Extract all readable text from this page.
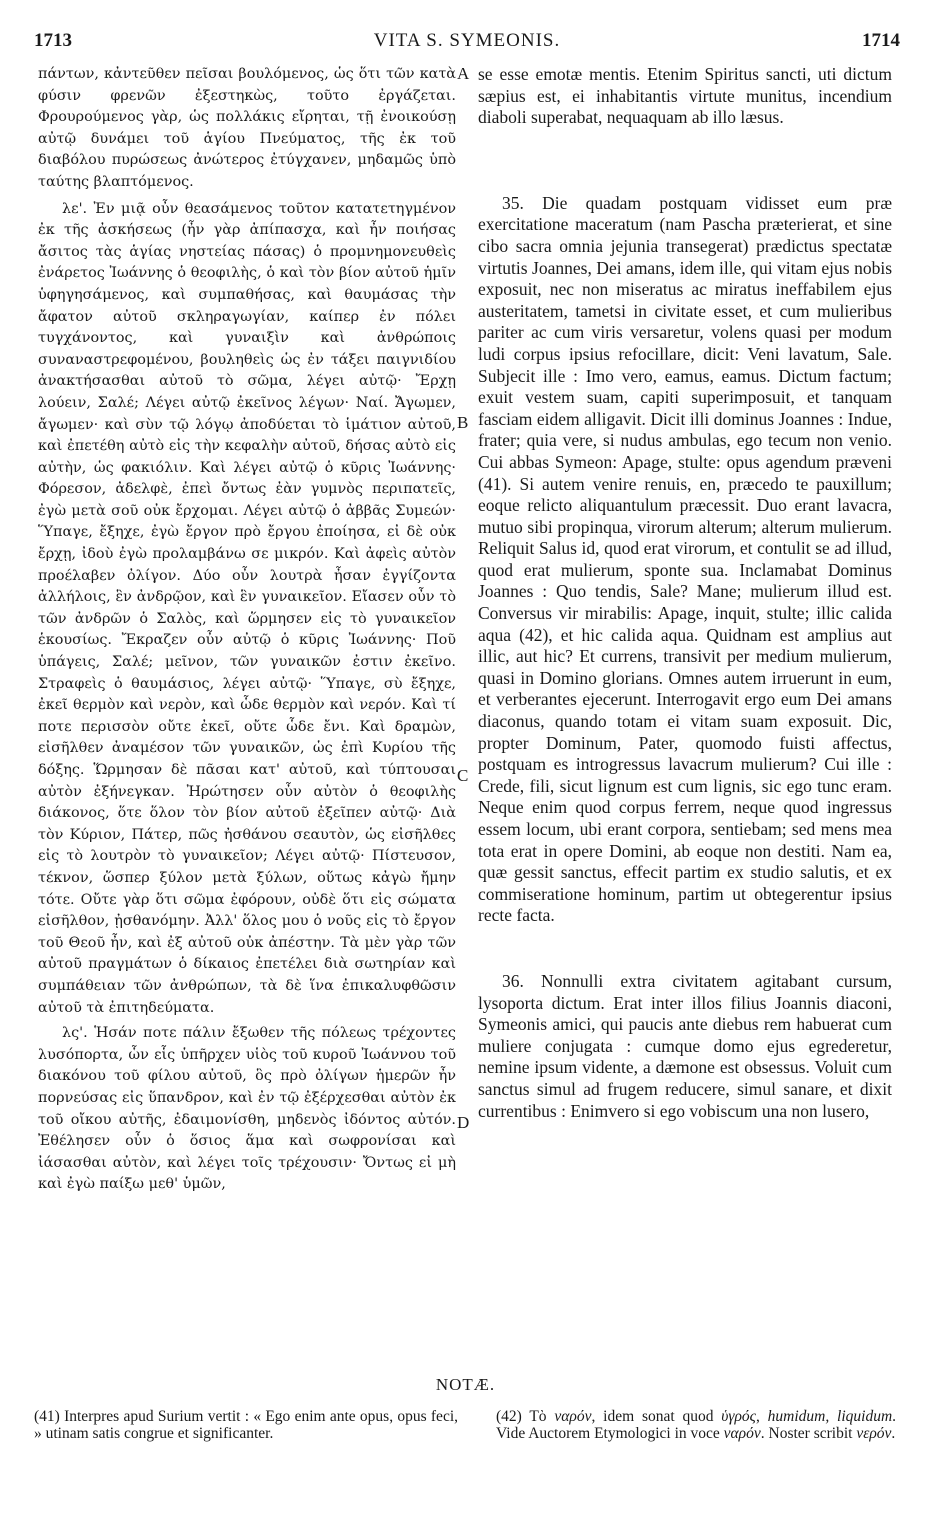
1713	VITA S. SYMEONIS.	1714

πάντων, κἀντεῦθεν πεῖσαι βουλόμενος, ὡς ὅτι τῶν κατὰ φύσιν φρενῶν ἐξεστηκὼς, τοῦτο ἐργάζεται. Φρουρούμενος γὰρ, ὡς πολλάκις εἴρηται, τῇ ἐνοικούσῃ αὐτῷ δυνάμει τοῦ ἁγίου Πνεύματος, τῆς ἐκ τοῦ διαβόλου πυρώσεως ἀνώτερος ἐτύγχανεν, μηδαμῶς ὑπὸ ταύτης βλαπτόμενος.

λε'. Ἐν μιᾷ οὖν θεασάμενος τοῦτον κατατετηγμένον ἐκ τῆς ἀσκήσεως (ἦν γὰρ ἀπίπασχα, καὶ ἦν ποιήσας ἄσιτος τὰς ἁγίας νηστείας πάσας) ὁ προμνημονευθεὶς ἐνάρετος Ἰωάννης ὁ θεοφιλὴς, ὁ καὶ τὸν βίον αὐτοῦ ἡμῖν ὑφηγησάμενος, καὶ συμπαθήσας, καὶ θαυμάσας τὴν ἄφατον αὐτοῦ σκληραγωγίαν, καίπερ ἐν πόλει τυγχάνοντος, καὶ γυναιξὶν καὶ ἀνθρώποις συναναστρεφομένου, βουληθεὶς ὡς ἐν τάξει παιγνιδίου ἀνακτήσασθαι αὐτοῦ τὸ σῶμα, λέγει αὐτῷ· Ἔρχῃ λούειν, Σαλέ; Λέγει αὐτῷ ἐκεῖνος λέγων· Ναί. Ἄγωμεν, ἄγωμεν· καὶ σὺν τῷ λόγῳ ἀποδύεται τὸ ἱμάτιον αὐτοῦ, καὶ ἐπετέθη αὐτὸ εἰς τὴν κεφαλὴν αὐτοῦ, δήσας αὐτὸ εἰς αὐτὴν, ὡς φακιόλιν. Καὶ λέγει αὐτῷ ὁ κῦρις Ἰωάννης· Φόρεσον, ἀδελφὲ, ἐπεὶ ὄντως ἐὰν γυμνὸς περιπατεῖς, ἐγὼ μετὰ σοῦ οὐκ ἔρχομαι. Λέγει αὐτῷ ὁ ἀββᾶς Συμεών· Ὕπαγε, ἔξηχε, ἐγὼ ἔργον πρὸ ἔργου ἐποίησα, εἰ δὲ οὐκ ἔρχῃ, ἰδοὺ ἐγὼ προλαμβάνω σε μικρόν. Καὶ ἀφεὶς αὐτὸν προέλαβεν ὀλίγον. Δύο οὖν λουτρὰ ἦσαν ἐγγίζοντα ἀλλήλοις, ἓν ἀνδρῷον, καὶ ἓν γυναικεῖον. Εἴασεν οὖν τὸ τῶν ἀνδρῶν ὁ Σαλὸς, καὶ ὥρμησεν εἰς τὸ γυναικεῖον ἑκουσίως. Ἔκραζεν οὖν αὐτῷ ὁ κῦρις Ἰωάννης· Ποῦ ὑπάγεις, Σαλέ; μεῖνον, τῶν γυναικῶν ἐστιν ἐκεῖνο. Στραφεὶς ὁ θαυμάσιος, λέγει αὐτῷ· Ὕπαγε, σὺ ἔξηχε, ἐκεῖ θερμὸν καὶ νερὸν, καὶ ὧδε θερμὸν καὶ νερόν. Καὶ τί ποτε περισσὸν οὔτε ἐκεῖ, οὔτε ὧδε ἔνι. Καὶ δραμὼν, εἰσῆλθεν ἀναμέσον τῶν γυναικῶν, ὡς ἐπὶ Κυρίου τῆς δόξης. Ὥρμησαν δὲ πᾶσαι κατ' αὐτοῦ, καὶ τύπτουσαι αὐτὸν ἐξήνεγκαν. Ἠρώτησεν οὖν αὐτὸν ὁ θεοφιλὴς διάκονος, ὅτε ὅλον τὸν βίον αὐτοῦ ἐξεῖπεν αὐτῷ· Διὰ τὸν Κύριον, Πάτερ, πῶς ἠσθάνου σεαυτὸν, ὡς εἰσῆλθες εἰς τὸ λουτρὸν τὸ γυναικεῖον; Λέγει αὐτῷ· Πίστευσον, τέκνον, ὥσπερ ξύλον μετὰ ξύλων, οὕτως κἀγὼ ἤμην τότε. Οὔτε γὰρ ὅτι σῶμα ἐφόρουν, οὐδὲ ὅτι εἰς σώματα εἰσῆλθον, ᾐσθανόμην. Ἀλλ' ὅλος μου ὁ νοῦς εἰς τὸ ἔργον τοῦ Θεοῦ ἦν, καὶ ἐξ αὐτοῦ οὐκ ἀπέστην. Τὰ μὲν γὰρ τῶν αὐτοῦ πραγμάτων ὁ δίκαιος ἐπετέλει διὰ σωτηρίαν καὶ συμπάθειαν τῶν ἀνθρώπων, τὰ δὲ ἵνα ἐπικαλυφθῶσιν αὐτοῦ τὰ ἐπιτηδεύματα.

λς'. Ἡσάν ποτε πάλιν ἔξωθεν τῆς πόλεως τρέχοντες λυσόπορτα, ὧν εἷς ὑπῆρχεν υἱὸς τοῦ κυροῦ Ἰωάννου τοῦ διακόνου τοῦ φίλου αὐτοῦ, ὃς πρὸ ὀλίγων ἡμερῶν ἦν πορνεύσας εἰς ὕπανδρον, καὶ ἐν τῷ ἐξέρχεσθαι αὐτὸν ἐκ τοῦ οἴκου αὐτῆς, ἐδαιμονίσθη, μηδενὸς ἰδόντος αὐτόν. Ἐθέλησεν οὖν ὁ ὅσιος ἅμα καὶ σωφρονίσαι καὶ ἰάσασθαι αὐτὸν, καὶ λέγει τοῖς τρέχουσιν· Ὄντως εἰ μὴ καὶ ἐγὼ παίξω μεθ' ὑμῶν,

A
B
C
D

se esse emotæ mentis. Etenim Spiritus sancti, uti dictum sæpius est, ei inhabitantis virtute munitus, incendium diaboli superabat, nequaquam ab illo læsus.

35. Die quadam postquam vidisset eum præ exercitatione maceratum (nam Pascha præterierat, et sine cibo sacra omnia jejunia transegerat) prædictus spectatæ virtutis Joannes, Dei amans, idem ille, qui vitam ejus nobis exposuit, nec non miseratus ac miratus ineffabilem ejus austeritatem, tametsi in civitate esset, et cum mulieribus pariter ac cum viris versaretur, volens quasi per modum ludi corpus ipsius refocillare, dicit: Veni lavatum, Sale. Subjecit ille : Imo vero, eamus, eamus. Dictum factum; exuit vestem suam, capiti superimposuit, et tanquam fasciam eidem alligavit. Dicit illi dominus Joannes : Indue, frater; quia vere, si nudus ambulas, ego tecum non venio. Cui abbas Symeon: Apage, stulte: opus agendum præveni (41). Si autem venire renuis, en, præcedo te pauxillum; eoque relicto aliquantulum præcessit. Duo erant lavacra, mutuo sibi propinqua, virorum alterum; alterum mulierum. Reliquit Salus id, quod erat virorum, et contulit se ad illud, quod erat mulierum, sponte sua. Inclamabat Dominus Joannes : Quo tendis, Sale? Mane; mulierum illud est. Conversus vir mirabilis: Apage, inquit, stulte; illic calida aqua (42), et hic calida aqua. Quidnam est amplius aut illic, aut hic? Et currens, transivit per medium mulierum, quasi in Domino glorians. Omnes autem irruerunt in eum, et verberantes ejecerunt. Interrogavit ergo eum Dei amans diaconus, quando totam ei vitam suam exposuit. Dic, propter Dominum, Pater, quomodo fuisti affectus, postquam es introgressus lavacrum mulierum? Cui ille : Crede, fili, sicut lignum est cum lignis, sic ego tunc eram. Neque enim quod corpus ferrem, neque quod ingressus essem locum, ubi erant corpora, sentiebam; sed mens mea tota erat in opere Domini, ab eoque non destiti. Nam ea, quæ gessit sanctus, effecit partim ex studio salutis, et ex commiseratione hominum, partim ut obtegerentur ipsius recte facta.

36. Nonnulli extra civitatem agitabant cursum, lysoporta dictum. Erat inter illos filius Joannis diaconi, Symeonis amici, qui paucis ante diebus rem habuerat cum muliere conjugata : cumque domo ejus egrederetur, nemine ipsum vidente, a dæmone est obsessus. Voluit cum sanctus simul ad frugem reducere, simul sanare, et dixit currentibus : Enimvero si ego vobiscum una non lusero,

NOTÆ.
(41) Interpres apud Surium vertit : « Ego enim ante opus, opus feci, » utinam satis congrue et significanter.
(42) Τὸ ναρόν, idem sonat quod ὑγρός, humidum, liquidum. Vide Auctorem Etymologici in voce ναρόν. Noster scribit νερόν.
